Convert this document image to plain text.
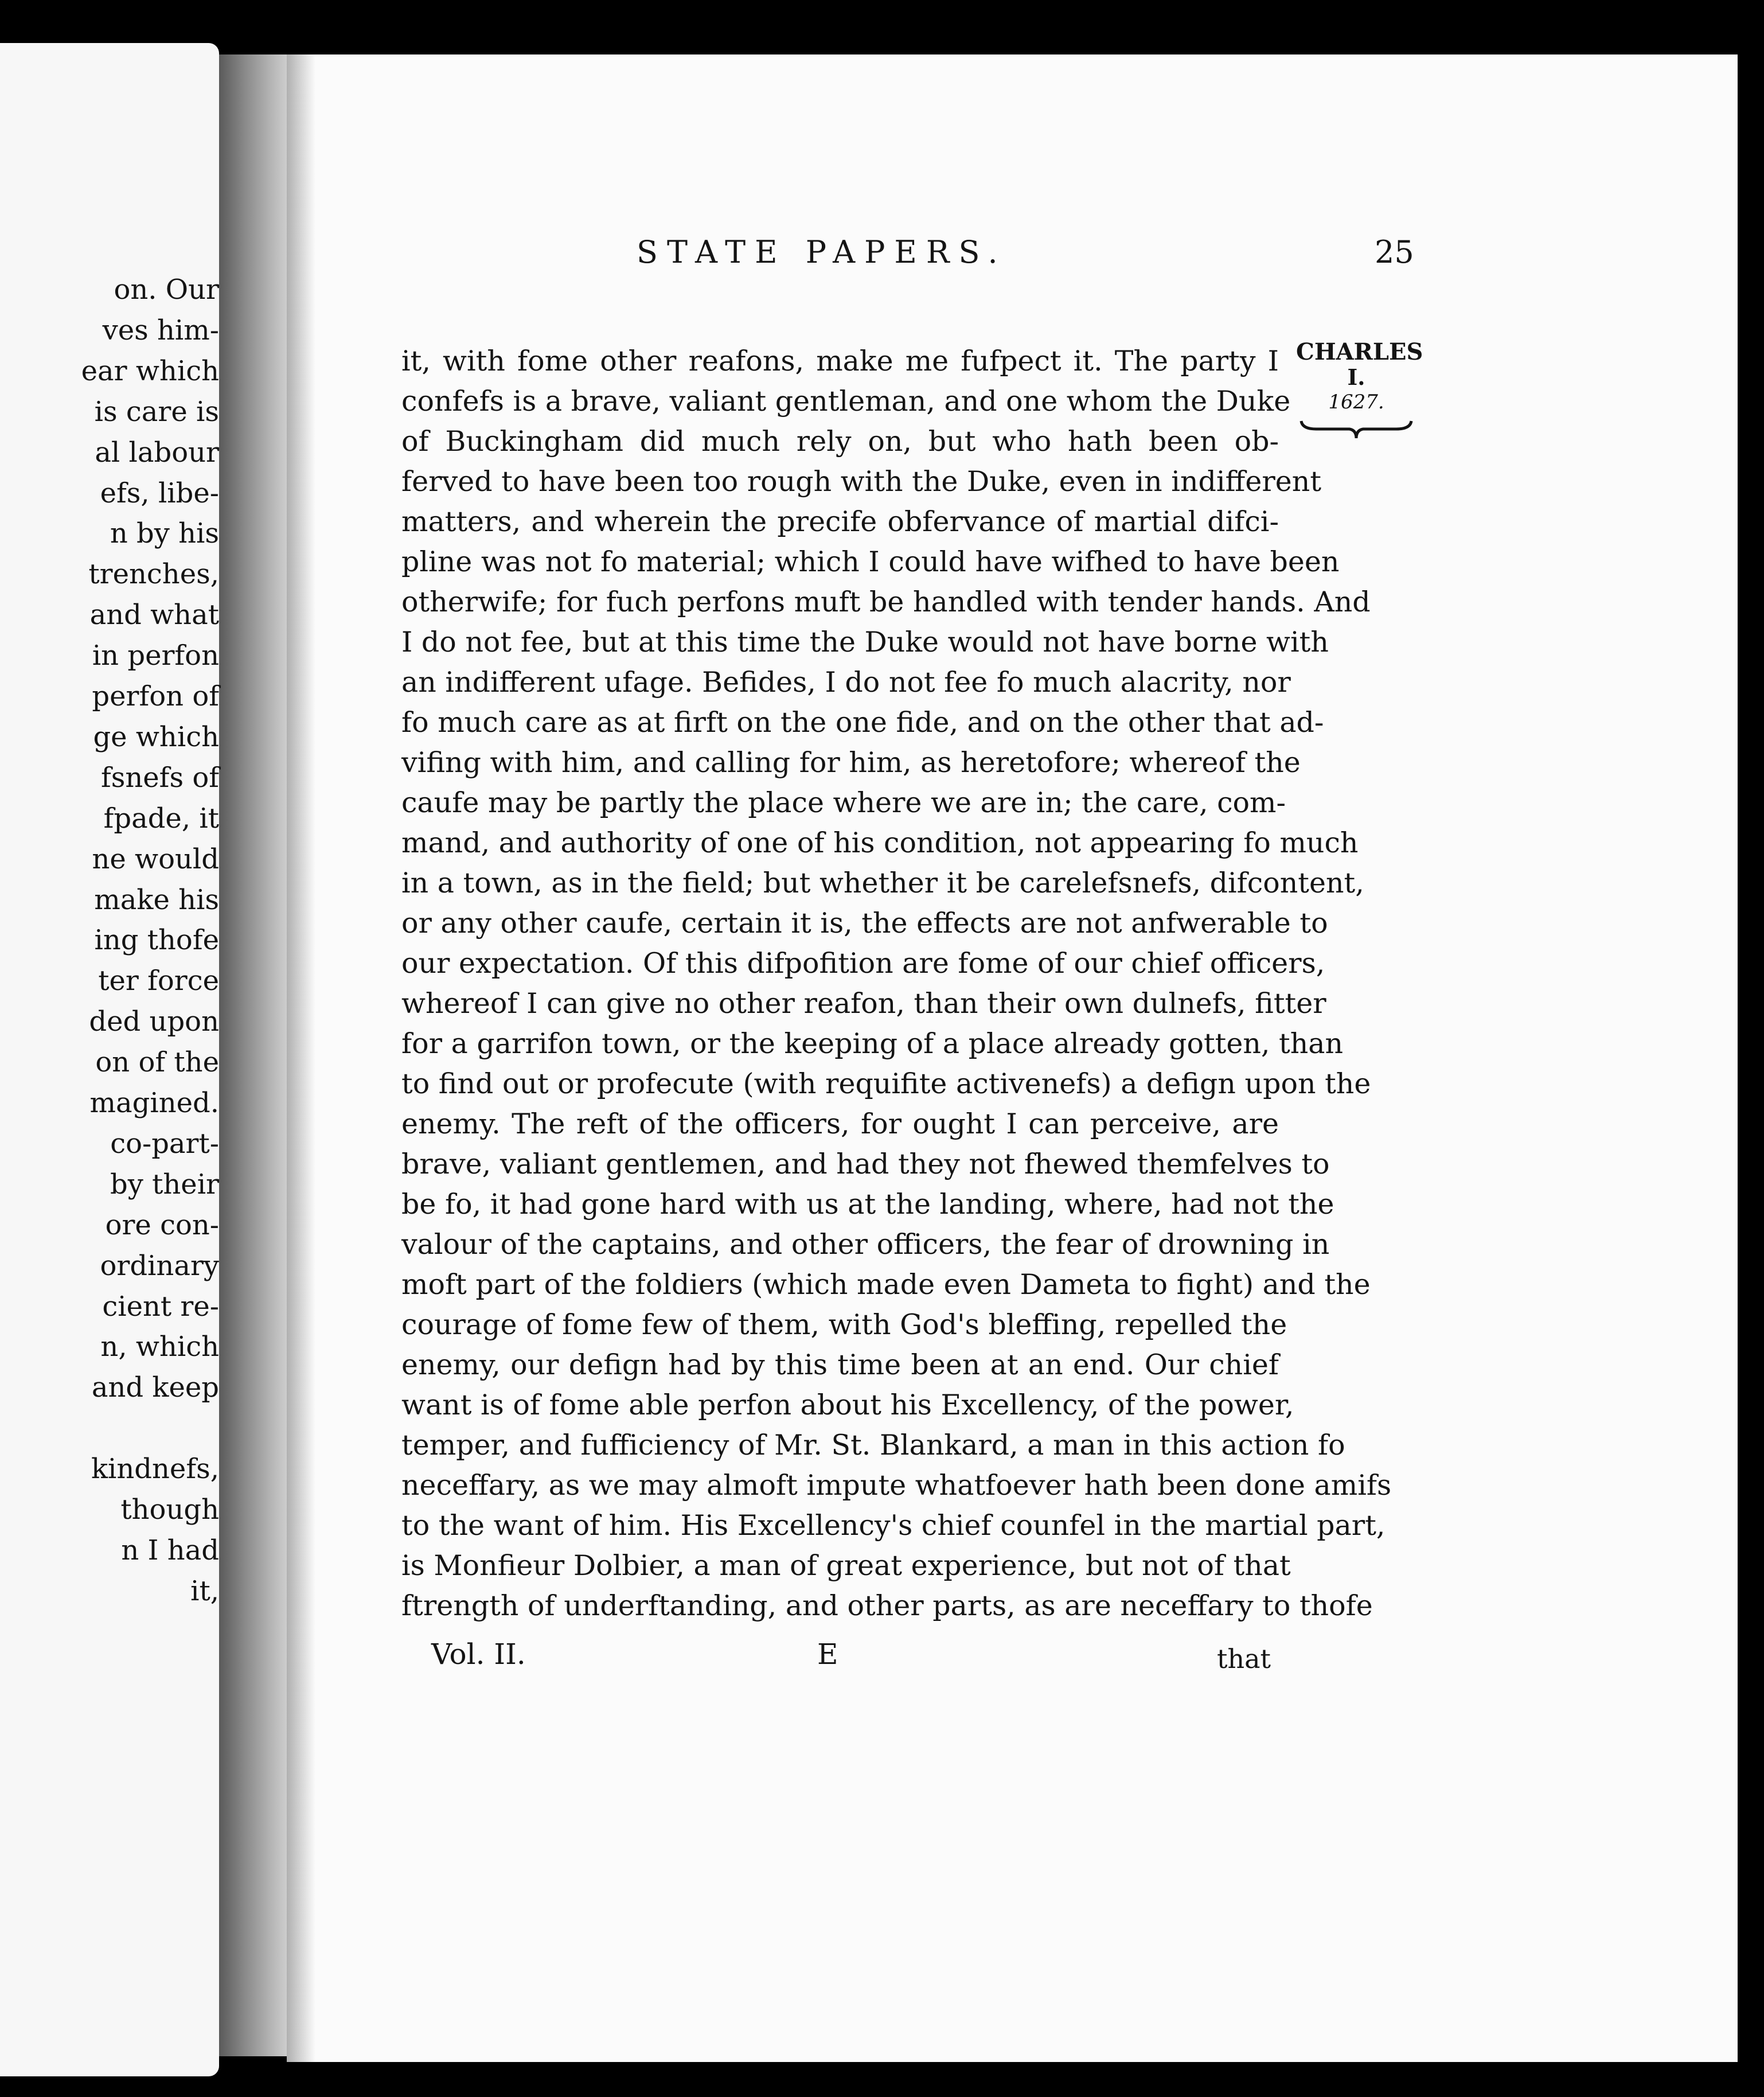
on. Our
ves him-
ear which
is care is
al labour
efs, libe-
n by his
trenches,
and what
in perfon
perfon of
ge which
fsnefs of
fpade, it
ne would
make his
ing thofe
ter force
ded upon
on of the
magined.
co-part-
by their
ore con-
ordinary
cient re-
n, which
and keep
kindnefs,
though
n I had
it,
STATE PAPERS.	25
CHARLES
I.
1627.
it, with fome other reafons, make me fufpect it. The party I
confefs is a brave, valiant gentleman, and one whom the Duke
of Buckingham did much rely on, but who hath been ob-
ferved to have been too rough with the Duke, even in indifferent
matters, and wherein the precife obfervance of martial difci-
pline was not fo material; which I could have wifhed to have been
otherwife; for fuch perfons muft be handled with tender hands. And
I do not fee, but at this time the Duke would not have borne with
an indifferent ufage. Befides, I do not fee fo much alacrity, nor
fo much care as at firft on the one fide, and on the other that ad-
vifing with him, and calling for him, as heretofore; whereof the
caufe may be partly the place where we are in; the care, com-
mand, and authority of one of his condition, not appearing fo much
in a town, as in the field; but whether it be carelefsnefs, difcontent,
or any other caufe, certain it is, the effects are not anfwerable to
our expectation. Of this difpofition are fome of our chief officers,
whereof I can give no other reafon, than their own dulnefs, fitter
for a garrifon town, or the keeping of a place already gotten, than
to find out or profecute (with requifite activenefs) a defign upon the
enemy. The reft of the officers, for ought I can perceive, are
brave, valiant gentlemen, and had they not fhewed themfelves to
be fo, it had gone hard with us at the landing, where, had not the
valour of the captains, and other officers, the fear of drowning in
moft part of the foldiers (which made even Dameta to fight) and the
courage of fome few of them, with God's bleffing, repelled the
enemy, our defign had by this time been at an end. Our chief
want is of fome able perfon about his Excellency, of the power,
temper, and fufficiency of Mr. St. Blankard, a man in this action fo
neceffary, as we may almoft impute whatfoever hath been done amifs
to the want of him. His Excellency's chief counfel in the martial part,
is Monfieur Dolbier, a man of great experience, but not of that
ftrength of underftanding, and other parts, as are neceffary to thofe
Vol. II.	E	that
